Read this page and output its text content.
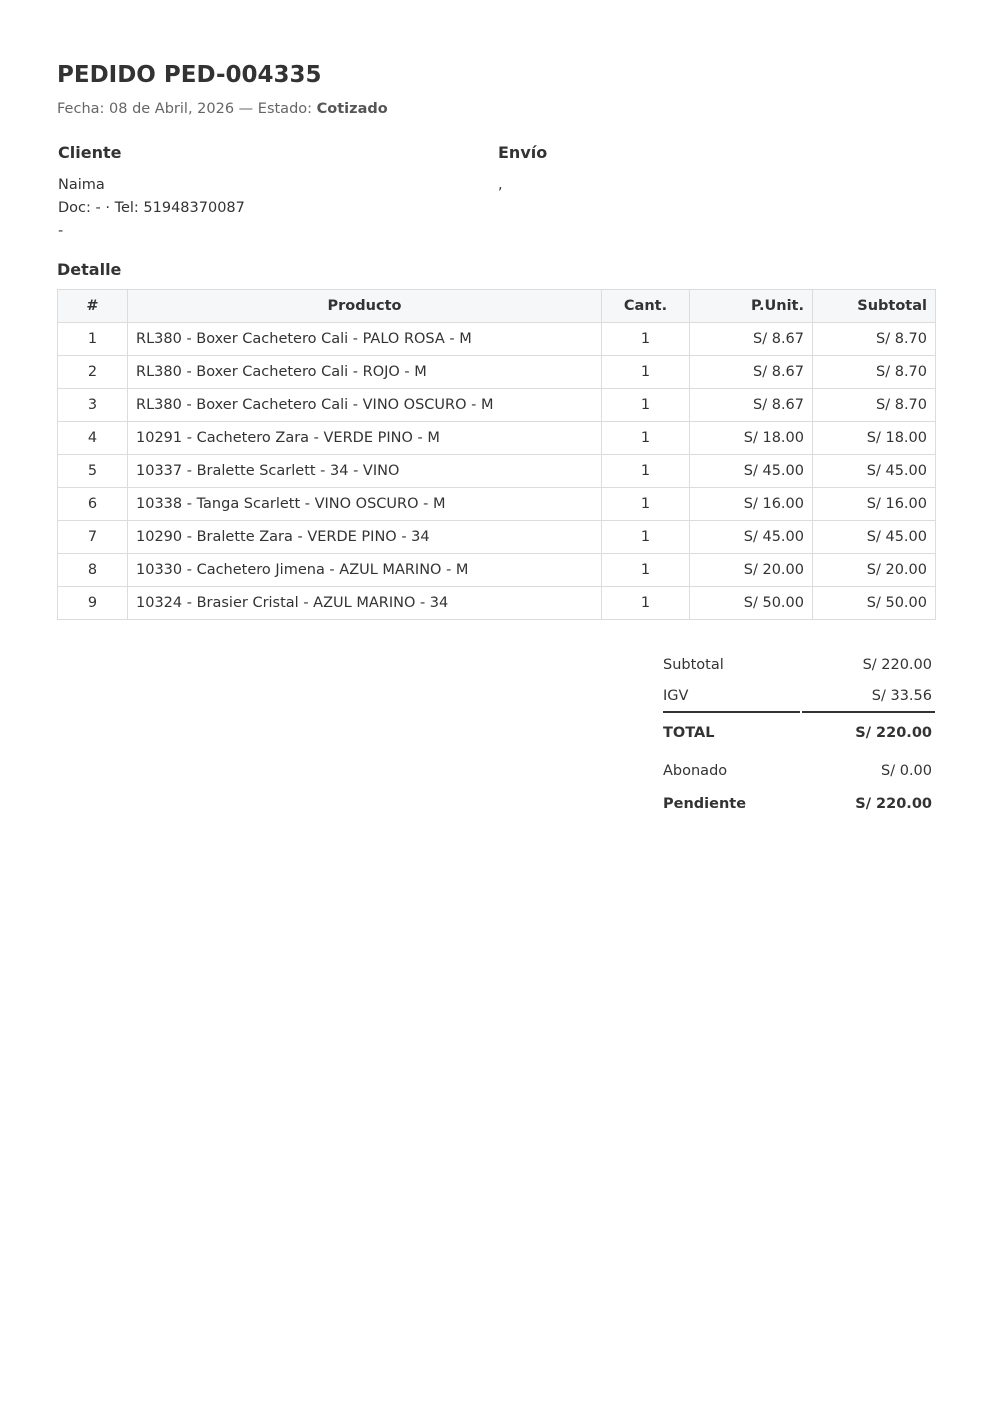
PEDIDO PED-004335
Fecha: 08 de Abril, 2026 — Estado: Cotizado
Cliente
Naima
Doc: - · Tel: 51948370087
-
Envío
,
Detalle
#	Producto	Cant.	P.Unit.	Subtotal
1	RL380 - Boxer Cachetero Cali - PALO ROSA - M	1	S/ 8.67	S/ 8.70
2	RL380 - Boxer Cachetero Cali - ROJO - M	1	S/ 8.67	S/ 8.70
3	RL380 - Boxer Cachetero Cali - VINO OSCURO - M	1	S/ 8.67	S/ 8.70
4	10291 - Cachetero Zara - VERDE PINO - M	1	S/ 18.00	S/ 18.00
5	10337 - Bralette Scarlett - 34 - VINO	1	S/ 45.00	S/ 45.00
6	10338 - Tanga Scarlett - VINO OSCURO - M	1	S/ 16.00	S/ 16.00
7	10290 - Bralette Zara - VERDE PINO - 34	1	S/ 45.00	S/ 45.00
8	10330 - Cachetero Jimena - AZUL MARINO - M	1	S/ 20.00	S/ 20.00
9	10324 - Brasier Cristal - AZUL MARINO - 34	1	S/ 50.00	S/ 50.00
Subtotal	S/ 220.00
IGV	S/ 33.56
TOTAL	S/ 220.00
Abonado	S/ 0.00
Pendiente	S/ 220.00
